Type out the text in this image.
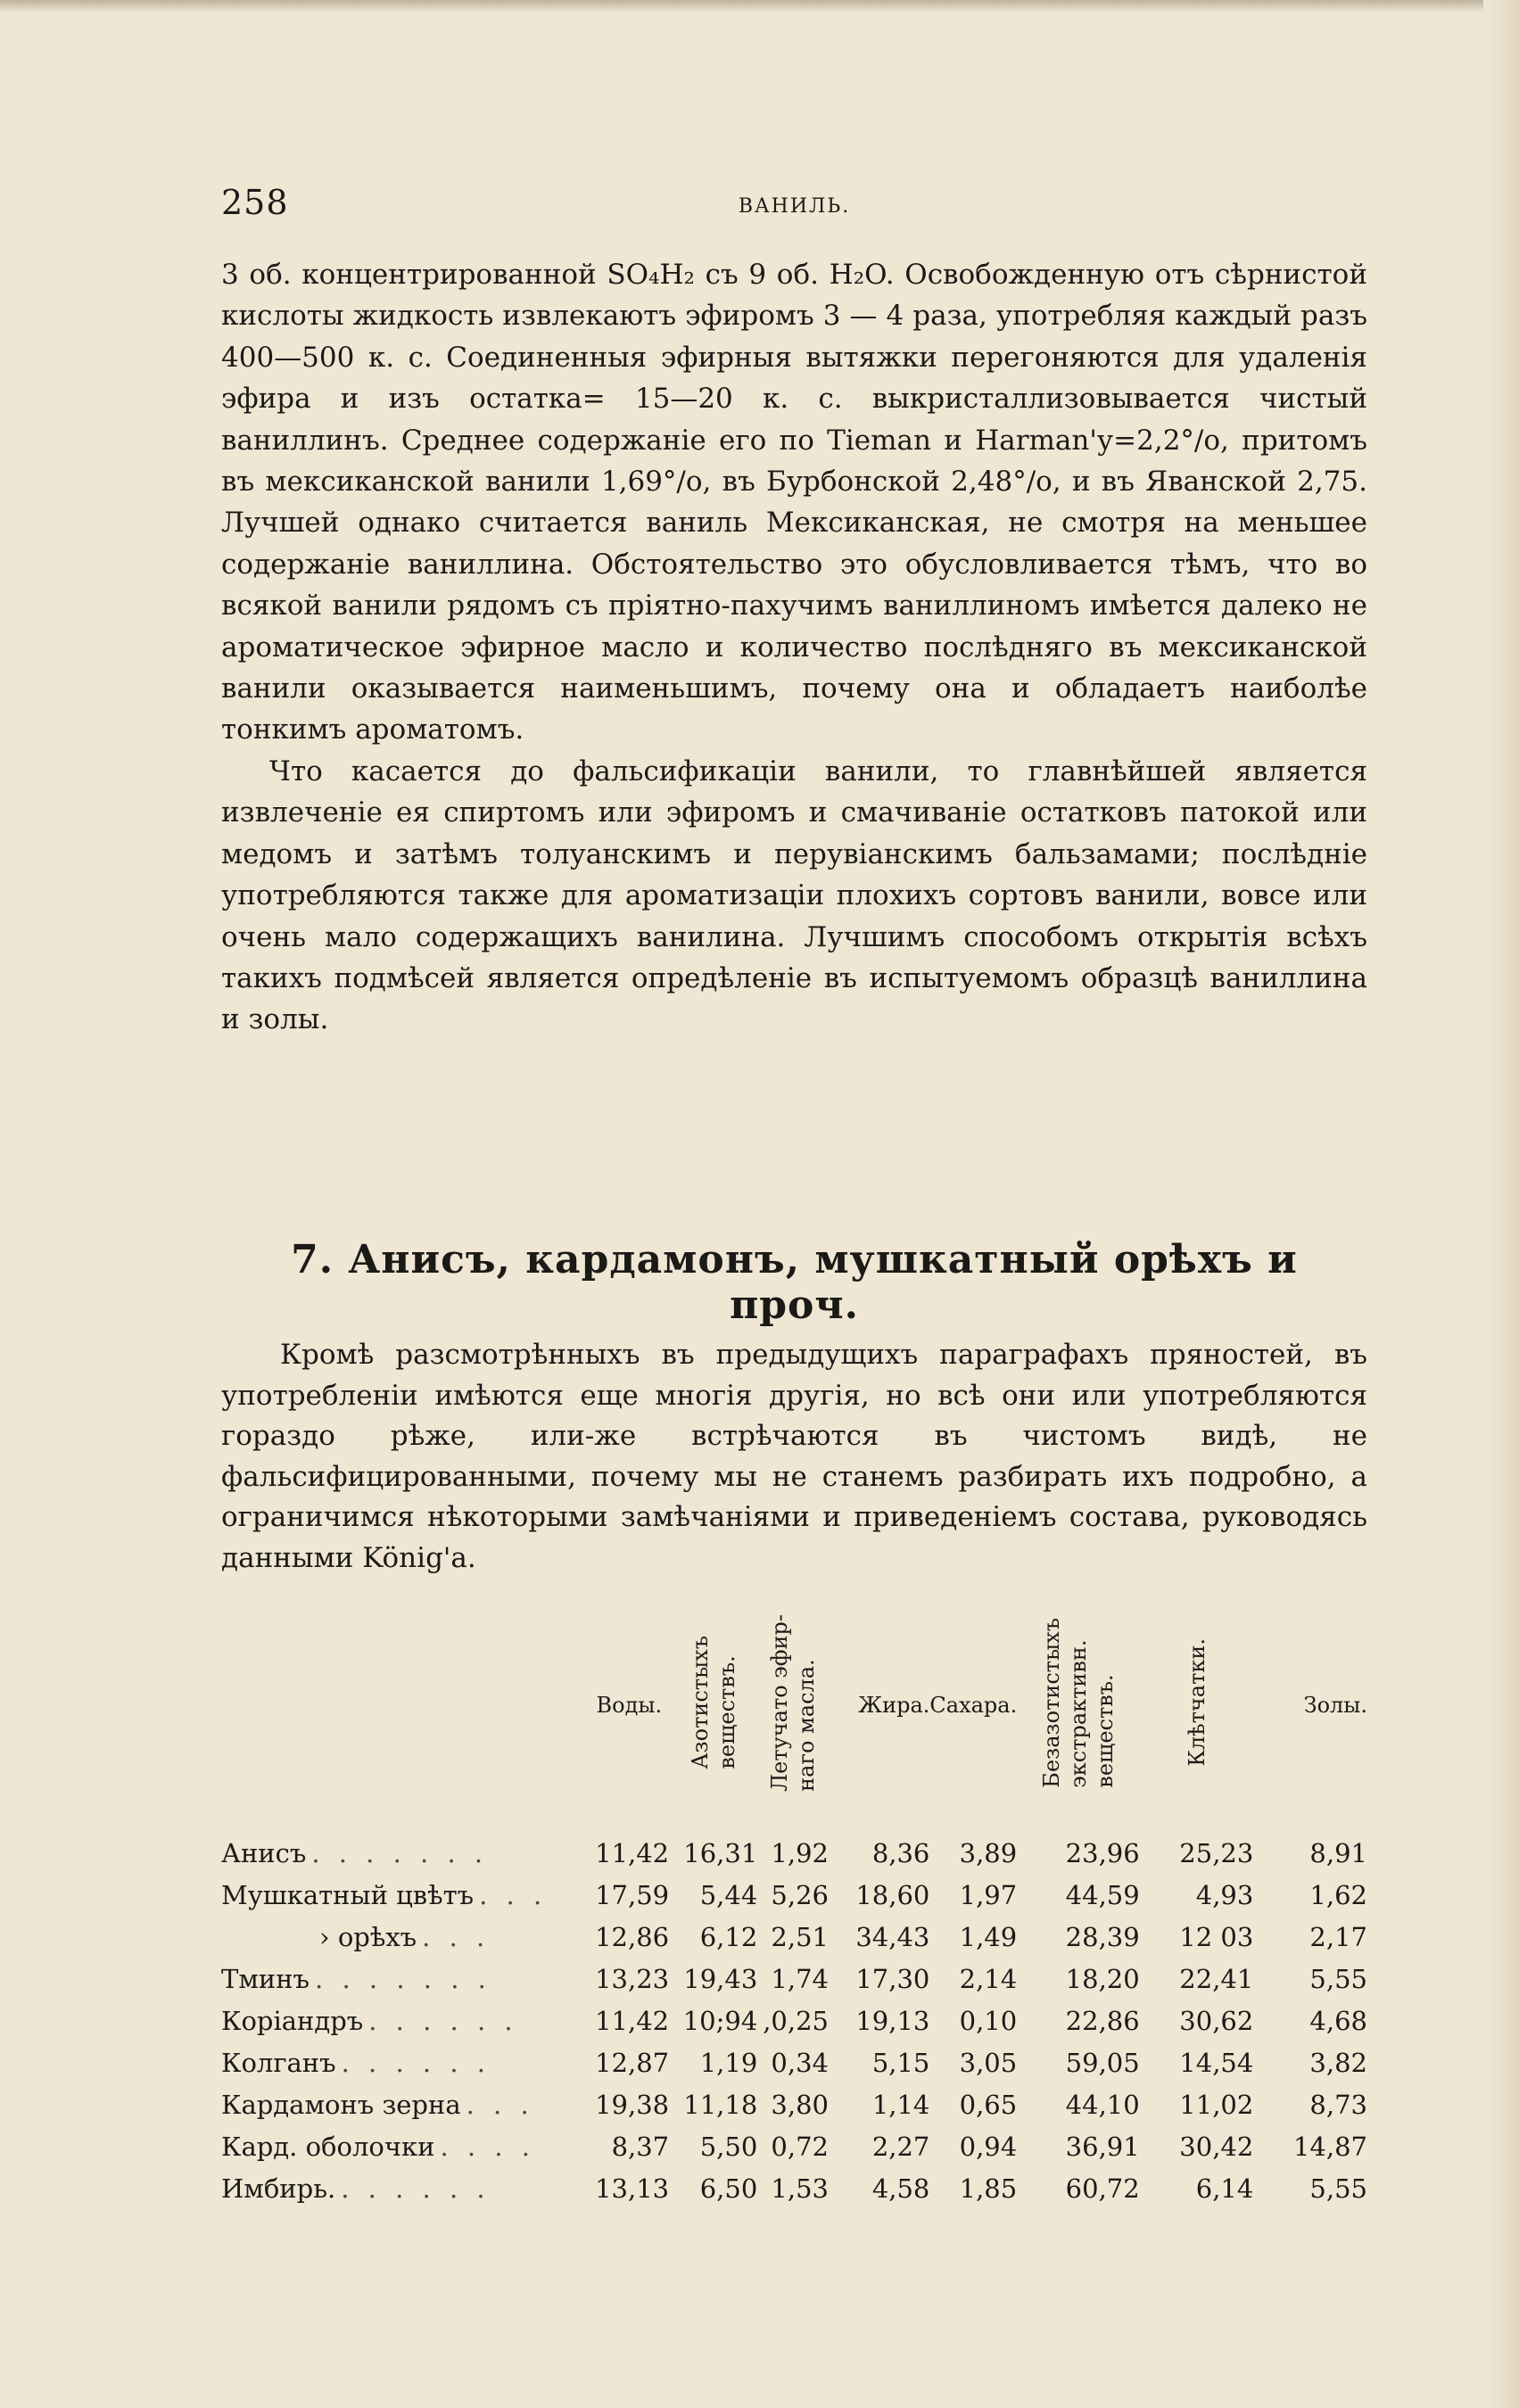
258	ВАНИЛЬ.

3 об. концентрированной SO₄H₂ съ 9 об. H₂O. Освобожденную отъ сѣрнистой кислоты жидкость извлекаютъ эфиромъ 3 — 4 раза, употребляя каждый разъ 400—500 к. с. Соединенныя эфирныя вытяжки перегоняются для удаленія эфира и изъ остатка= 15—20 к. с. выкристаллизовывается чистый ваниллинъ. Среднее содержаніе его по Tieman и Harman'у=2,2°/о, притомъ въ мексиканской ванили 1,69°/о, въ Бурбонской 2,48°/о, и въ Яванской 2,75. Лучшей однако считается ваниль Мексиканская, не смотря на меньшее содержаніе ваниллина. Обстоятельство это обусловливается тѣмъ, что во всякой ванили рядомъ съ пріятно-пахучимъ ваниллиномъ имѣется далеко не ароматическое эфирное масло и количество послѣдняго въ мексиканской ванили оказывается наименьшимъ, почему она и обладаетъ наиболѣе тонкимъ ароматомъ.

Что касается до фальсификаціи ванили, то главнѣйшей является извлеченіе ея спиртомъ или эфиромъ и смачиваніе остатковъ патокой или медомъ и затѣмъ толуанскимъ и перувіанскимъ бальзамами; послѣдніе употребляются также для ароматизаціи плохихъ сортовъ ванили, вовсе или очень мало содержащихъ ванилина. Лучшимъ способомъ открытія всѣхъ такихъ подмѣсей является опредѣленіе въ испытуемомъ образцѣ ваниллина и золы.

7. Анисъ, кардамонъ, мушкатный орѣхъ и проч.

Кромѣ разсмотрѣнныхъ въ предыдущихъ параграфахъ пряностей, въ употребленіи имѣются еще многія другія, но всѣ они или употребляются гораздо рѣже, или-же встрѣчаются въ чистомъ видѣ, не фальсифицированными, почему мы не станемъ разбирать ихъ подробно, а ограничимся нѣкоторыми замѣчаніями и приведеніемъ состава, руководясь данными König'a.

	Воды.	Азотистыхъ
веществъ.	Летучато эфир-
наго масла.	Жира.	Сахара.	Безазотистыхъ
экстрактивн.
веществъ.	Клѣтчатки.	Золы.
Анисъ . . . . . . .	11,42	16,31	1,92	8,36	3,89	23,96	25,23	8,91
Мушкатный цвѣтъ . . .	17,59	5,44	5,26	18,60	1,97	44,59	4,93	1,62
› орѣхъ . . .	12,86	6,12	2,51	34,43	1,49	28,39	12 03	2,17
Тминъ . . . . . . .	13,23	19,43	1,74	17,30	2,14	18,20	22,41	5,55
Коріандръ . . . . . .	11,42	10;94	,0,25	19,13	0,10	22,86	30,62	4,68
Колганъ . . . . . .	12,87	1,19	0,34	5,15	3,05	59,05	14,54	3,82
Кардамонъ зерна . . .	19,38	11,18	3,80	1,14	0,65	44,10	11,02	8,73
Кард. оболочки . . . .	8,37	5,50	0,72	2,27	0,94	36,91	30,42	14,87
Имбирь. . . . . . .	13,13	6,50	1,53	4,58	1,85	60,72	6,14	5,55
